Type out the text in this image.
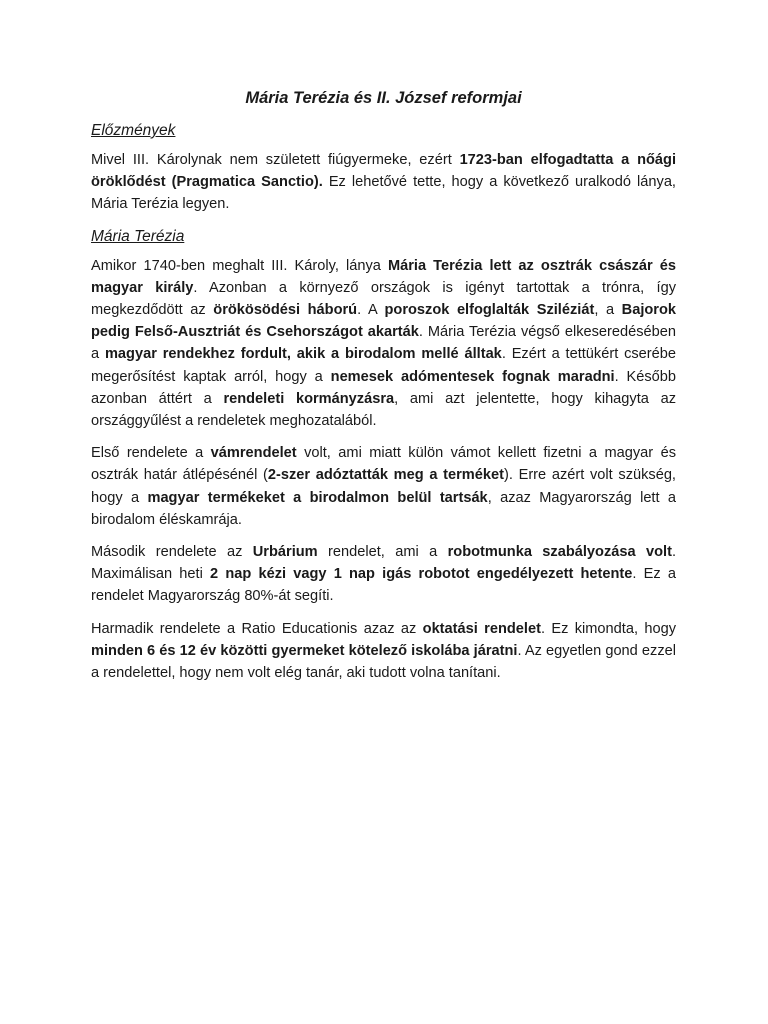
Mária Terézia és II. József reformjai
Előzmények

Mivel III. Károlynak nem született fiúgyermeke, ezért 1723-ban elfogadtatta a nőági öröklődést (Pragmatica Sanctio). Ez lehetővé tette, hogy a következő uralkodó lánya, Mária Terézia legyen.

Mária Terézia

Amikor 1740-ben meghalt III. Károly, lánya Mária Terézia lett az osztrák császár és magyar király. Azonban a környező országok is igényt tartottak a trónra, így megkezdődött az örökösödési háború. A poroszok elfoglalták Sziléziát, a Bajorok pedig Felső-Ausztriát és Csehországot akarták. Mária Terézia végső elkeseredésében a magyar rendekhez fordult, akik a birodalom mellé álltak. Ezért a tettükért cserébe megerősítést kaptak arról, hogy a nemesek adómentesek fognak maradni. Később azonban áttért a rendeleti kormányzásra, ami azt jelentette, hogy kihagyta az országgyűlést a rendeletek meghozatalából.

Első rendelete a vámrendelet volt, ami miatt külön vámot kellett fizetni a magyar és osztrák határ átlépésénél (2-szer adóztatták meg a terméket). Erre azért volt szükség, hogy a magyar termékeket a birodalmon belül tartsák, azaz Magyarország lett a birodalom éléskamrája.

Második rendelete az Urbárium rendelet, ami a robotmunka szabályozása volt. Maximálisan heti 2 nap kézi vagy 1 nap igás robotot engedélyezett hetente. Ez a rendelet Magyarország 80%-át segíti.

Harmadik rendelete a Ratio Educationis azaz az oktatási rendelet. Ez kimondta, hogy minden 6 és 12 év közötti gyermeket kötelező iskolába járatni. Az egyetlen gond ezzel a rendelettel, hogy nem volt elég tanár, aki tudott volna tanítani.
